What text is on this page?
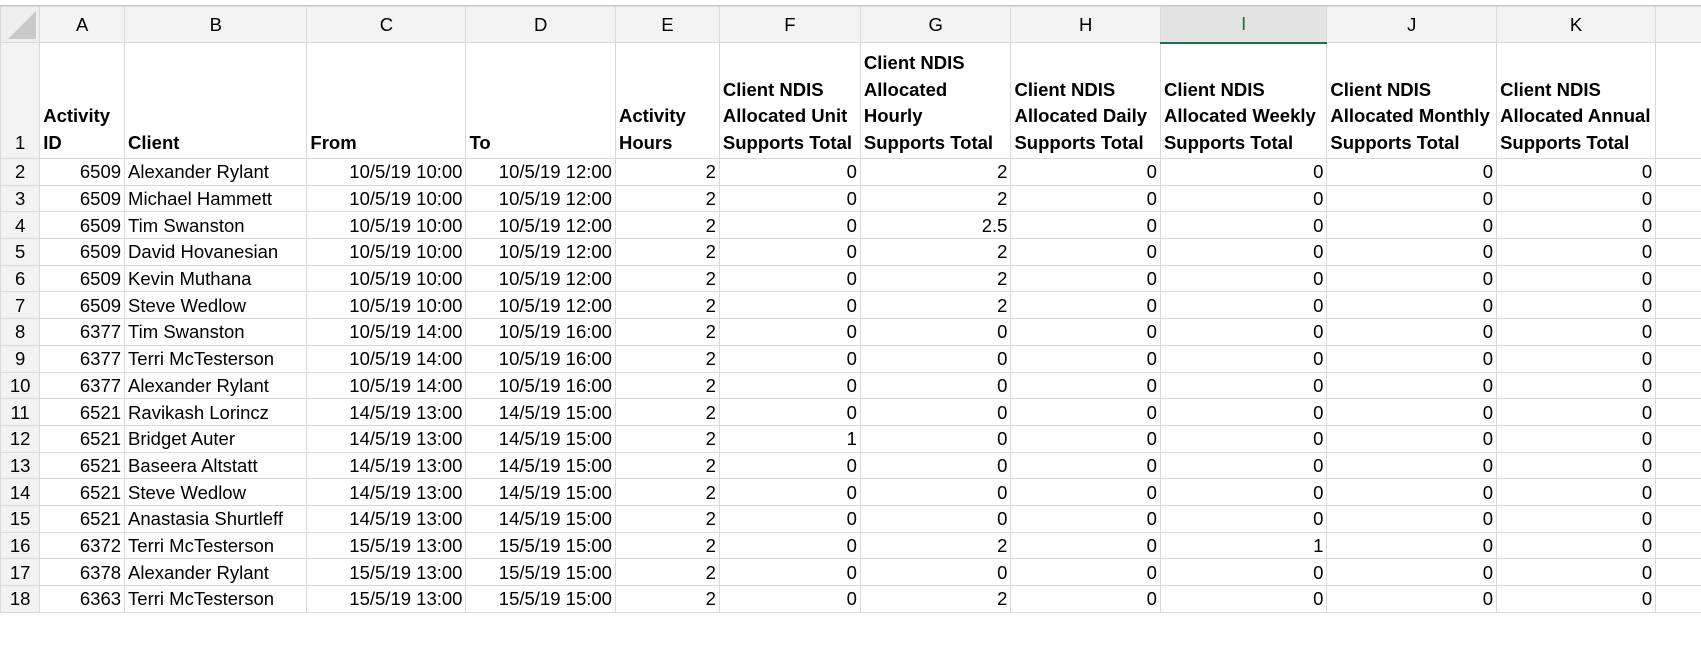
	A	B	C	D	E	F	G	H	I	J	K	
1	Activity ID	Client	From	To	Activity Hours	Client NDIS Allocated Unit Supports Total	Client NDIS Allocated Hourly Supports Total	Client NDIS Allocated Daily Supports Total	Client NDIS Allocated Weekly Supports Total	Client NDIS Allocated Monthly Supports Total	Client NDIS Allocated Annual Supports Total	
2	6509	Alexander Rylant	10/5/19 10:00	10/5/19 12:00	2	0	2	0	0	0	0	
3	6509	Michael Hammett	10/5/19 10:00	10/5/19 12:00	2	0	2	0	0	0	0	
4	6509	Tim Swanston	10/5/19 10:00	10/5/19 12:00	2	0	2.5	0	0	0	0	
5	6509	David Hovanesian	10/5/19 10:00	10/5/19 12:00	2	0	2	0	0	0	0	
6	6509	Kevin Muthana	10/5/19 10:00	10/5/19 12:00	2	0	2	0	0	0	0	
7	6509	Steve Wedlow	10/5/19 10:00	10/5/19 12:00	2	0	2	0	0	0	0	
8	6377	Tim Swanston	10/5/19 14:00	10/5/19 16:00	2	0	0	0	0	0	0	
9	6377	Terri McTesterson	10/5/19 14:00	10/5/19 16:00	2	0	0	0	0	0	0	
10	6377	Alexander Rylant	10/5/19 14:00	10/5/19 16:00	2	0	0	0	0	0	0	
11	6521	Ravikash Lorincz	14/5/19 13:00	14/5/19 15:00	2	0	0	0	0	0	0	
12	6521	Bridget Auter	14/5/19 13:00	14/5/19 15:00	2	1	0	0	0	0	0	
13	6521	Baseera Altstatt	14/5/19 13:00	14/5/19 15:00	2	0	0	0	0	0	0	
14	6521	Steve Wedlow	14/5/19 13:00	14/5/19 15:00	2	0	0	0	0	0	0	
15	6521	Anastasia Shurtleff	14/5/19 13:00	14/5/19 15:00	2	0	0	0	0	0	0	
16	6372	Terri McTesterson	15/5/19 13:00	15/5/19 15:00	2	0	2	0	1	0	0	
17	6378	Alexander Rylant	15/5/19 13:00	15/5/19 15:00	2	0	0	0	0	0	0	
18	6363	Terri McTesterson	15/5/19 13:00	15/5/19 15:00	2	0	2	0	0	0	0	
